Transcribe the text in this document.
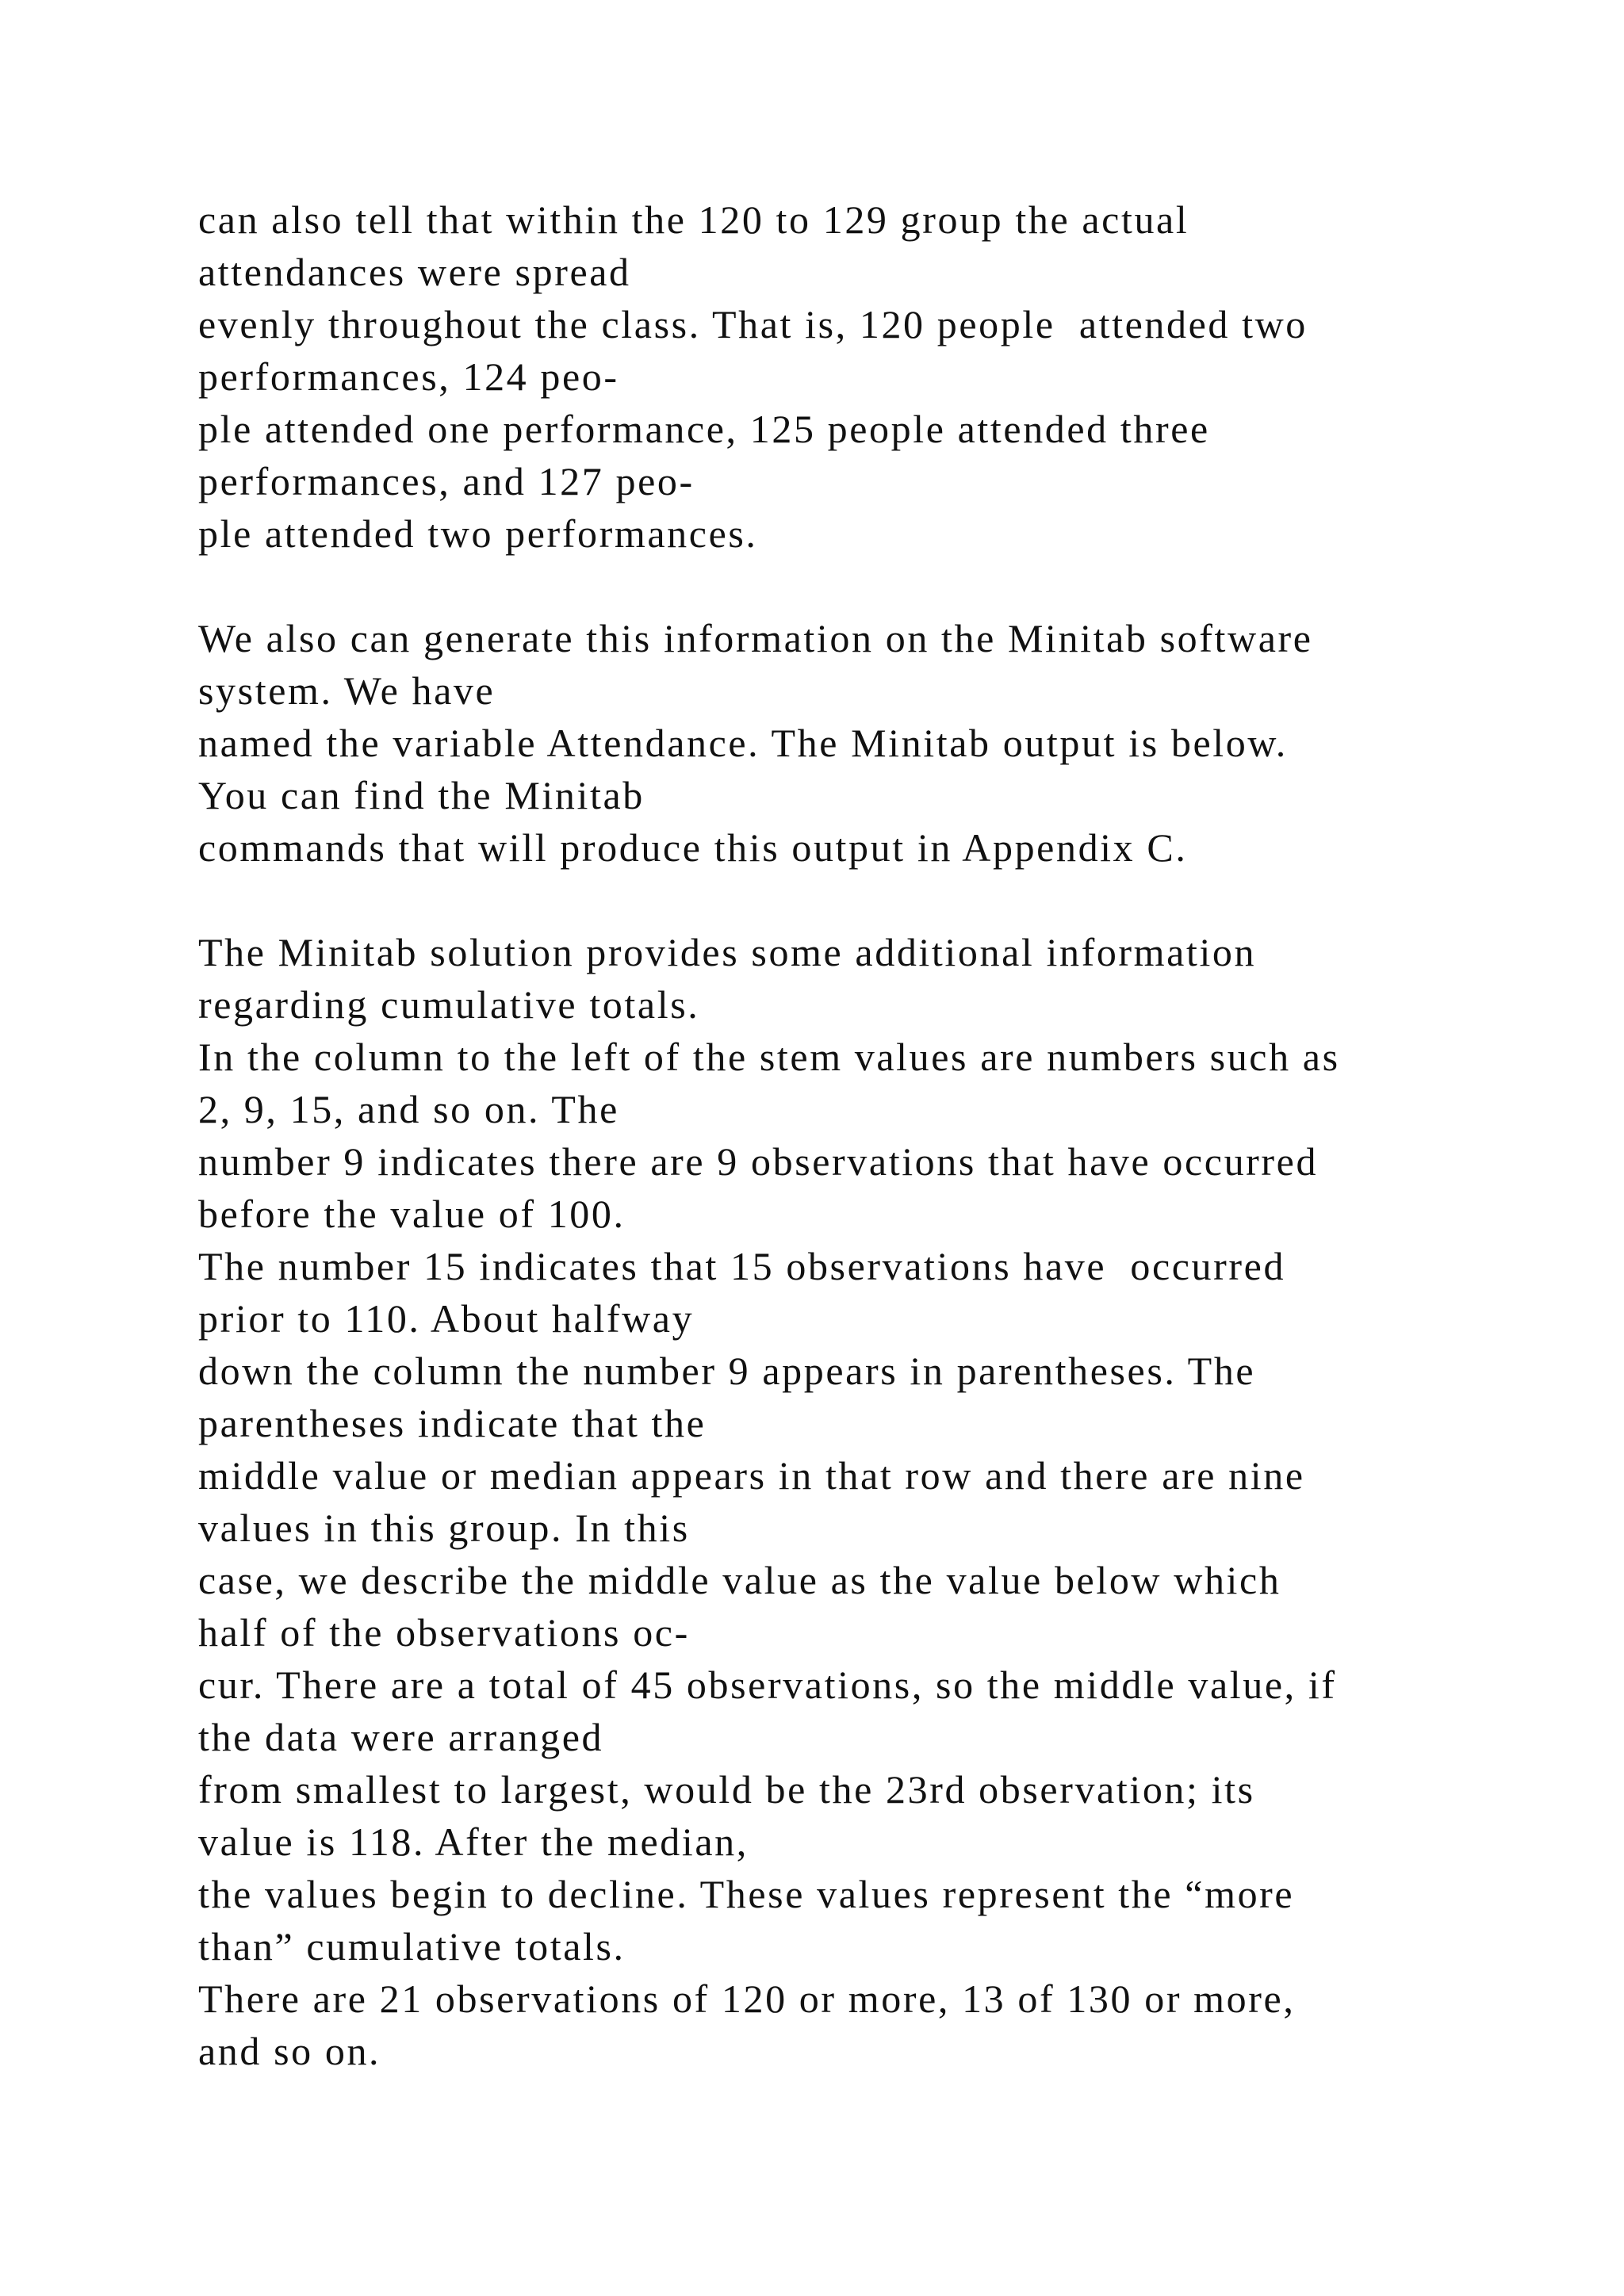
can also tell that within the 120 to 129 group the actual
attendances were spread
evenly throughout the class. That is, 120 people  attended two
performances, 124 peo-
ple attended one performance, 125 people attended three
performances, and 127 peo-
ple attended two performances.
We also can generate this information on the Minitab software
system. We have
named the variable Attendance. The Minitab output is below.
You can find the Minitab
commands that will produce this output in Appendix C.
The Minitab solution provides some additional information
regarding cumulative totals.
In the column to the left of the stem values are numbers such as
2, 9, 15, and so on. The
number 9 indicates there are 9 observations that have occurred
before the value of 100.
The number 15 indicates that 15 observations have  occurred
prior to 110. About halfway
down the column the number 9 appears in parentheses. The
parentheses indicate that the
middle value or median appears in that row and there are nine
values in this group. In this
case, we describe the middle value as the value below which
half of the observations oc-
cur. There are a total of 45 observations, so the middle value, if
the data were arranged
from smallest to largest, would be the 23rd observation; its
value is 118. After the median,
the values begin to decline. These values represent the “more
than” cumulative totals.
There are 21 observations of 120 or more, 13 of 130 or more,
and so on.
